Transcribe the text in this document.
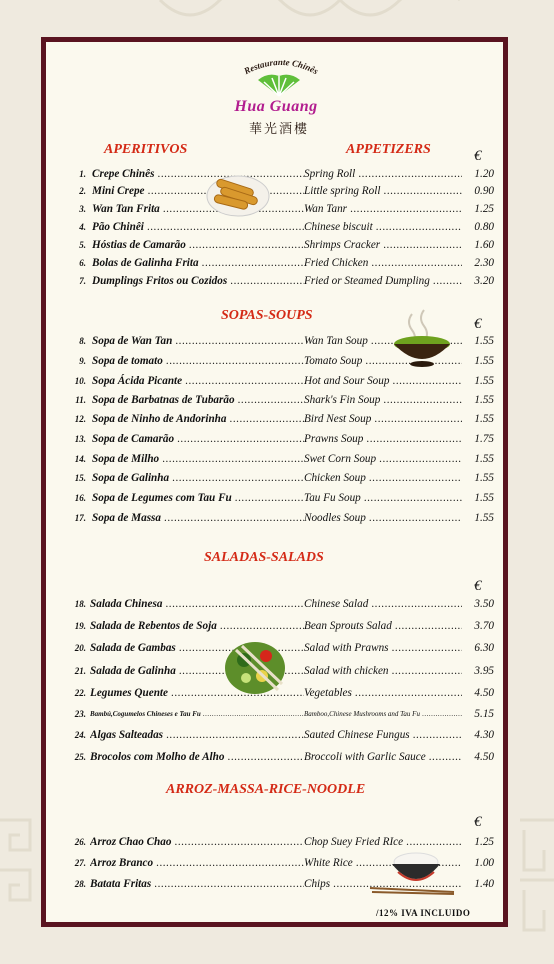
Restaurante Chinês
Hua Guang
華光酒樓
APERITIVOS	APPETIZERS	€
1. Crepe Chinês .....	Spring Roll .....	1.20
2. Mini Crepe .....	Little spring Roll .....	0.90
3. Wan Tan Frita .....	Wan Tanr .....	1.25
4. Pão Chinêi .....	Chinese biscuit .....	0.80
5. Hóstias de Camarão .....	Shrimps Cracker .....	1.60
6. Bolas de Galinha Frita .....	Fried Chicken .....	2.30
7. Dumplings Fritos ou Cozidos .....	Fried or Steamed Dumpling .....	3.20
SOPAS-SOUPS
€
8. Sopa de Wan Tan .....	Wan Tan Soup .....	1.55
9. Sopa de tomato .....	Tomato Soup .....	1.55
10. Sopa Ácida Picante .....	Hot and Sour Soup .....	1.55
11. Sopa de Barbatnas de Tubarão .....	Shark's Fin Soup .....	1.55
12. Sopa de Ninho de Andorinha .....	Bird Nest Soup .....	1.55
13. Sopa de Camarão .....	Prawns Soup .....	1.75
14. Sopa de Milho .....	Swet Corn Soup .....	1.55
15. Sopa de Galinha .....	Chicken Soup .....	1.55
16. Sopa de Legumes com Tau Fu .....	Tau Fu Soup .....	1.55
17. Sopa de Massa .....	Noodles Soup .....	1.55
SALADAS-SALADS
€
18. Salada Chinesa .....	Chinese Salad .....	3.50
19. Salada de Rebentos de Soja .....	Bean Sprouts Salad .....	3.70
20. Salada de Gambas .....	Salad with Prawns .....	6.30
21. Salada de Galinha .....	Salad with chicken .....	3.95
22. Legumes Quente .....	Vegetables .....	4.50
23. Bambú,Cogumelos Chineses e Tau Fu .....	Bamboo,Chinese Mushrooms and Tau Fu .....	5.15
24. Algas Salteadas .....	Sauted Chinese Fungus .....	4.30
25. Brocolos com Molho de Alho .....	Broccoli with Garlic Sauce .....	4.50
ARROZ-MASSA-RICE-NOODLE
€
26. Arroz Chao Chao .....	Chop Suey Fried RIce .....	1.25
27. Arroz Branco .....	White Rice .....	1.00
28. Batata Fritas .....	Chips .....	1.40
/12% IVA INCLUIDO
